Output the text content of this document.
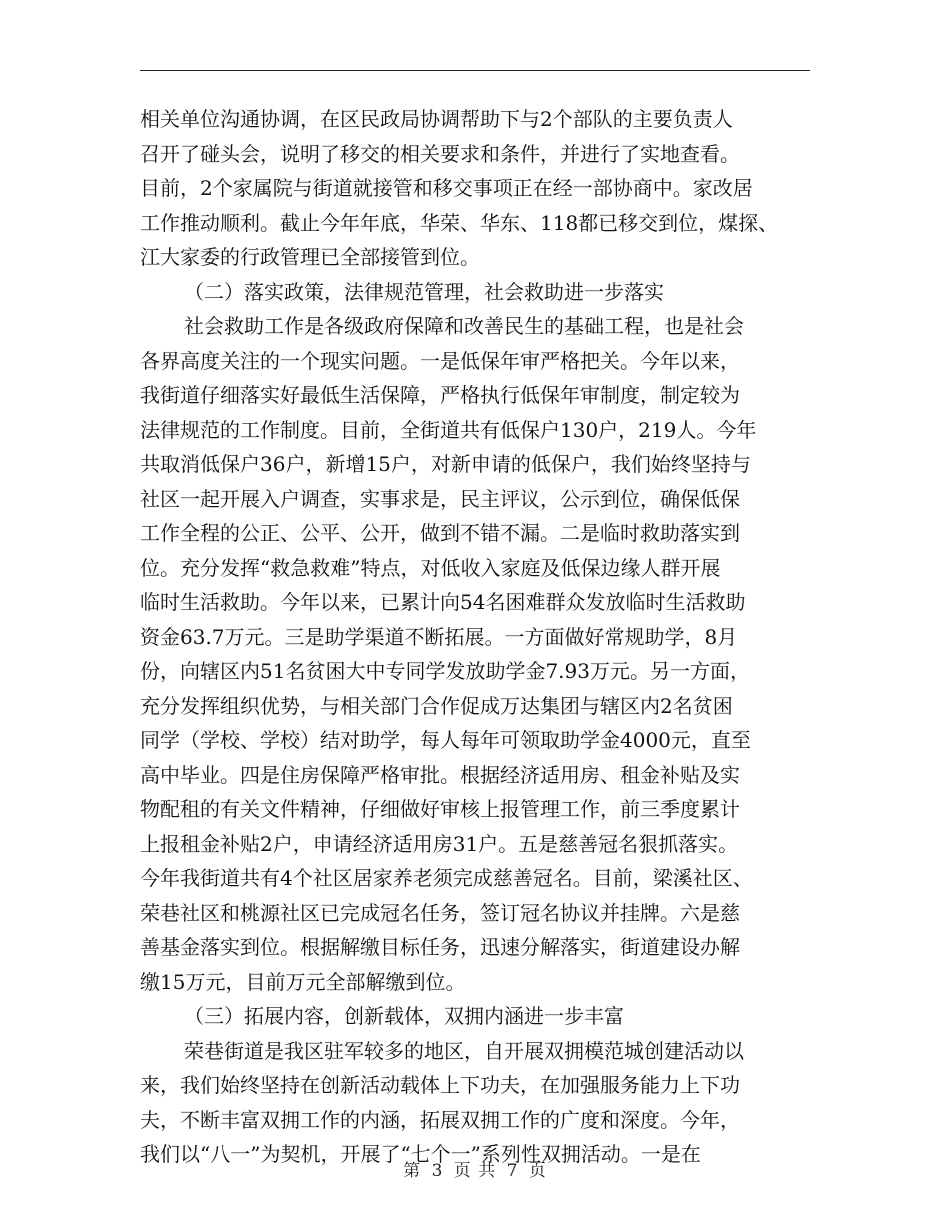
相关单位沟通协调，在区民政局协调帮助下与2个部队的主要负责人
召开了碰头会，说明了移交的相关要求和条件，并进行了实地查看。
目前，2个家属院与街道就接管和移交事项正在经一部协商中。家改居
工作推动顺利。截止今年年底，华荣、华东、118都已移交到位，煤探、
江大家委的行政管理已全部接管到位。
（二）落实政策，法律规范管理，社会救助进一步落实
社会救助工作是各级政府保障和改善民生的基础工程，也是社会
各界高度关注的一个现实问题。一是低保年审严格把关。今年以来，
我街道仔细落实好最低生活保障，严格执行低保年审制度，制定较为
法律规范的工作制度。目前，全街道共有低保户130户，219人。今年
共取消低保户36户，新增15户，对新申请的低保户，我们始终坚持与
社区一起开展入户调查，实事求是，民主评议，公示到位，确保低保
工作全程的公正、公平、公开，做到不错不漏。二是临时救助落实到
位。充分发挥“救急救难”特点，对低收入家庭及低保边缘人群开展
临时生活救助。今年以来，已累计向54名困难群众发放临时生活救助
资金63.7万元。三是助学渠道不断拓展。一方面做好常规助学，8月
份，向辖区内51名贫困大中专同学发放助学金7.93万元。另一方面，
充分发挥组织优势，与相关部门合作促成万达集团与辖区内2名贫困
同学（学校、学校）结对助学，每人每年可领取助学金4000元，直至
高中毕业。四是住房保障严格审批。根据经济适用房、租金补贴及实
物配租的有关文件精神，仔细做好审核上报管理工作，前三季度累计
上报租金补贴2户，申请经济适用房31户。五是慈善冠名狠抓落实。
今年我街道共有4个社区居家养老须完成慈善冠名。目前，梁溪社区、
荣巷社区和桃源社区已完成冠名任务，签订冠名协议并挂牌。六是慈
善基金落实到位。根据解缴目标任务，迅速分解落实，街道建设办解
缴15万元，目前万元全部解缴到位。
（三）拓展内容，创新载体，双拥内涵进一步丰富
荣巷街道是我区驻军较多的地区，自开展双拥模范城创建活动以
来，我们始终坚持在创新活动载体上下功夫，在加强服务能力上下功
夫，不断丰富双拥工作的内涵，拓展双拥工作的广度和深度。今年，
我们以“八一”为契机，开展了“七个一”系列性双拥活动。一是在
第 3 页 共 7 页
